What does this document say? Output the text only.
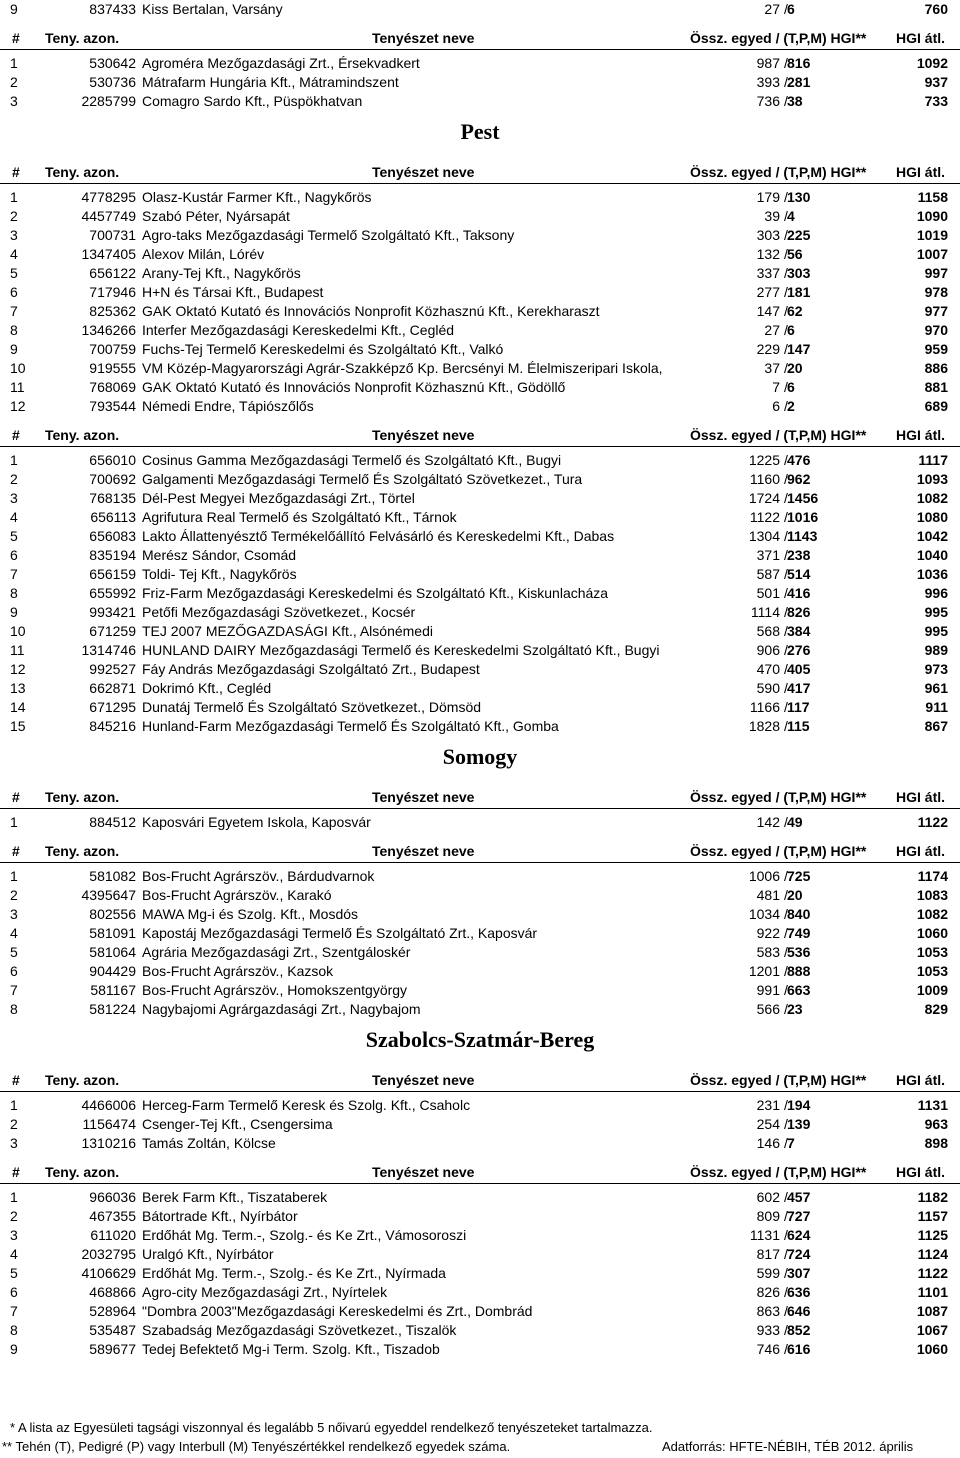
9	837433 Kiss Bertalan, Varsány	27 / 6	760
# Teny. azon.	Tenyészet neve	Össz. egyed / (T,P,M) HGI** HGI átl.
1	530642 Agroméra Mezőgazdasági Zrt., Érsekvadkert	987 / 816	1092
2	530736 Mátrafarm Hungária Kft., Mátramindszent	393 / 281	937
3	2285799 Comagro Sardo Kft., Püspökhatvan	736 / 38	733
Pest
# Teny. azon.	Tenyészet neve	Össz. egyed / (T,P,M) HGI** HGI átl.
1	4778295 Olasz-Kustár Farmer Kft., Nagykőrös	179 / 130	1158
2	4457749 Szabó Péter, Nyársapát	39 / 4	1090
3	700731 Agro-taks Mezőgazdasági Termelő Szolgáltató Kft., Taksony	303 / 225	1019
4	1347405 Alexov Milán, Lórév	132 / 56	1007
5	656122 Arany-Tej Kft., Nagykőrös	337 / 303	997
6	717946 H+N és Társai Kft., Budapest	277 / 181	978
7	825362 GAK Oktató Kutató és Innovációs Nonprofit Közhasznú Kft., Kerekharaszt	147 / 62	977
8	1346266 Interfer Mezőgazdasági Kereskedelmi Kft., Cegléd	27 / 6	970
9	700759 Fuchs-Tej Termelő Kereskedelmi és Szolgáltató Kft., Valkó	229 / 147	959
10	919555 VM Közép-Magyarországi Agrár-Szakképző Kp. Bercsényi M. Élelmiszeripari Iskola,	37 / 20	886
11	768069 GAK Oktató Kutató és Innovációs Nonprofit Közhasznú Kft., Gödöllő	7 / 6	881
12	793544 Némedi Endre, Tápiószőlős	6 / 2	689
# Teny. azon.	Tenyészet neve	Össz. egyed / (T,P,M) HGI** HGI átl.
1	656010 Cosinus Gamma Mezőgazdasági Termelő és Szolgáltató Kft., Bugyi	1225 / 476	1117
2	700692 Galgamenti Mezőgazdasági Termelő És Szolgáltató Szövetkezet., Tura	1160 / 962	1093
3	768135 Dél-Pest Megyei Mezőgazdasági Zrt., Törtel	1724 / 1456	1082
4	656113 Agrifutura Real Termelő és Szolgáltató Kft., Tárnok	1122 / 1016	1080
5	656083 Lakto Állattenyésztő Termékelőállító Felvásárló és Kereskedelmi Kft., Dabas	1304 / 1143	1042
6	835194 Merész Sándor, Csomád	371 / 238	1040
7	656159 Toldi- Tej Kft., Nagykőrös	587 / 514	1036
8	655992 Friz-Farm Mezőgazdasági Kereskedelmi és Szolgáltató Kft., Kiskunlacháza	501 / 416	996
9	993421 Petőfi Mezőgazdasági Szövetkezet., Kocsér	1114 / 826	995
10	671259 TEJ 2007 MEZŐGAZDASÁGI Kft., Alsónémedi	568 / 384	995
11	1314746 HUNLAND DAIRY Mezőgazdasági Termelő és Kereskedelmi Szolgáltató Kft., Bugyi	906 / 276	989
12	992527 Fáy András Mezőgazdasági Szolgáltató Zrt., Budapest	470 / 405	973
13	662871 Dokrimó Kft., Cegléd	590 / 417	961
14	671295 Dunatáj Termelő És Szolgáltató Szövetkezet., Dömsöd	1166 / 117	911
15	845216 Hunland-Farm Mezőgazdasági Termelő És Szolgáltató Kft., Gomba	1828 / 115	867
Somogy
# Teny. azon.	Tenyészet neve	Össz. egyed / (T,P,M) HGI** HGI átl.
1	884512 Kaposvári Egyetem Iskola, Kaposvár	142 / 49	1122
# Teny. azon.	Tenyészet neve	Össz. egyed / (T,P,M) HGI** HGI átl.
1	581082 Bos-Frucht Agrárszöv., Bárdudvarnok	1006 / 725	1174
2	4395647 Bos-Frucht Agrárszöv., Karakó	481 / 20	1083
3	802556 MAWA Mg-i és Szolg. Kft., Mosdós	1034 / 840	1082
4	581091 Kapostáj Mezőgazdasági Termelő És Szolgáltató Zrt., Kaposvár	922 / 749	1060
5	581064 Agrária Mezőgazdasági Zrt., Szentgáloskér	583 / 536	1053
6	904429 Bos-Frucht Agrárszöv., Kazsok	1201 / 888	1053
7	581167 Bos-Frucht Agrárszöv., Homokszentgyörgy	991 / 663	1009
8	581224 Nagybajomi Agrárgazdasági Zrt., Nagybajom	566 / 23	829
Szabolcs-Szatmár-Bereg
# Teny. azon.	Tenyészet neve	Össz. egyed / (T,P,M) HGI** HGI átl.
1	4466006 Herceg-Farm Termelő Keresk és Szolg. Kft., Csaholc	231 / 194	1131
2	1156474 Csenger-Tej Kft., Csengersima	254 / 139	963
3	1310216 Tamás Zoltán, Kölcse	146 / 7	898
# Teny. azon.	Tenyészet neve	Össz. egyed / (T,P,M) HGI** HGI átl.
1	966036 Berek Farm Kft., Tiszataberek	602 / 457	1182
2	467355 Bátortrade Kft., Nyírbátor	809 / 727	1157
3	611020 Erdőhát Mg. Term.-, Szolg.- és Ke Zrt., Vámosoroszi	1131 / 624	1125
4	2032795 Uralgó Kft., Nyírbátor	817 / 724	1124
5	4106629 Erdőhát Mg. Term.-, Szolg.- és Ke Zrt., Nyírmada	599 / 307	1122
6	468866 Agro-city Mezőgazdasági Zrt., Nyírtelek	826 / 636	1101
7	528964 "Dombra 2003"Mezőgazdasági Kereskedelmi és Zrt., Dombrád	863 / 646	1087
8	535487 Szabadság Mezőgazdasági Szövetkezet., Tiszalök	933 / 852	1067
9	589677 Tedej Befektető Mg-i Term. Szolg. Kft., Tiszadob	746 / 616	1060
* A lista az Egyesületi tagsági viszonnyal és legalább 5 nőivarú egyeddel rendelkező tenyészeteket tartalmazza.
** Tehén (T), Pedigré (P) vagy Interbull (M) Tenyészértékkel rendelkező egyedek száma.	Adatforrás: HFTE-NÉBIH, TÉB 2012. április
